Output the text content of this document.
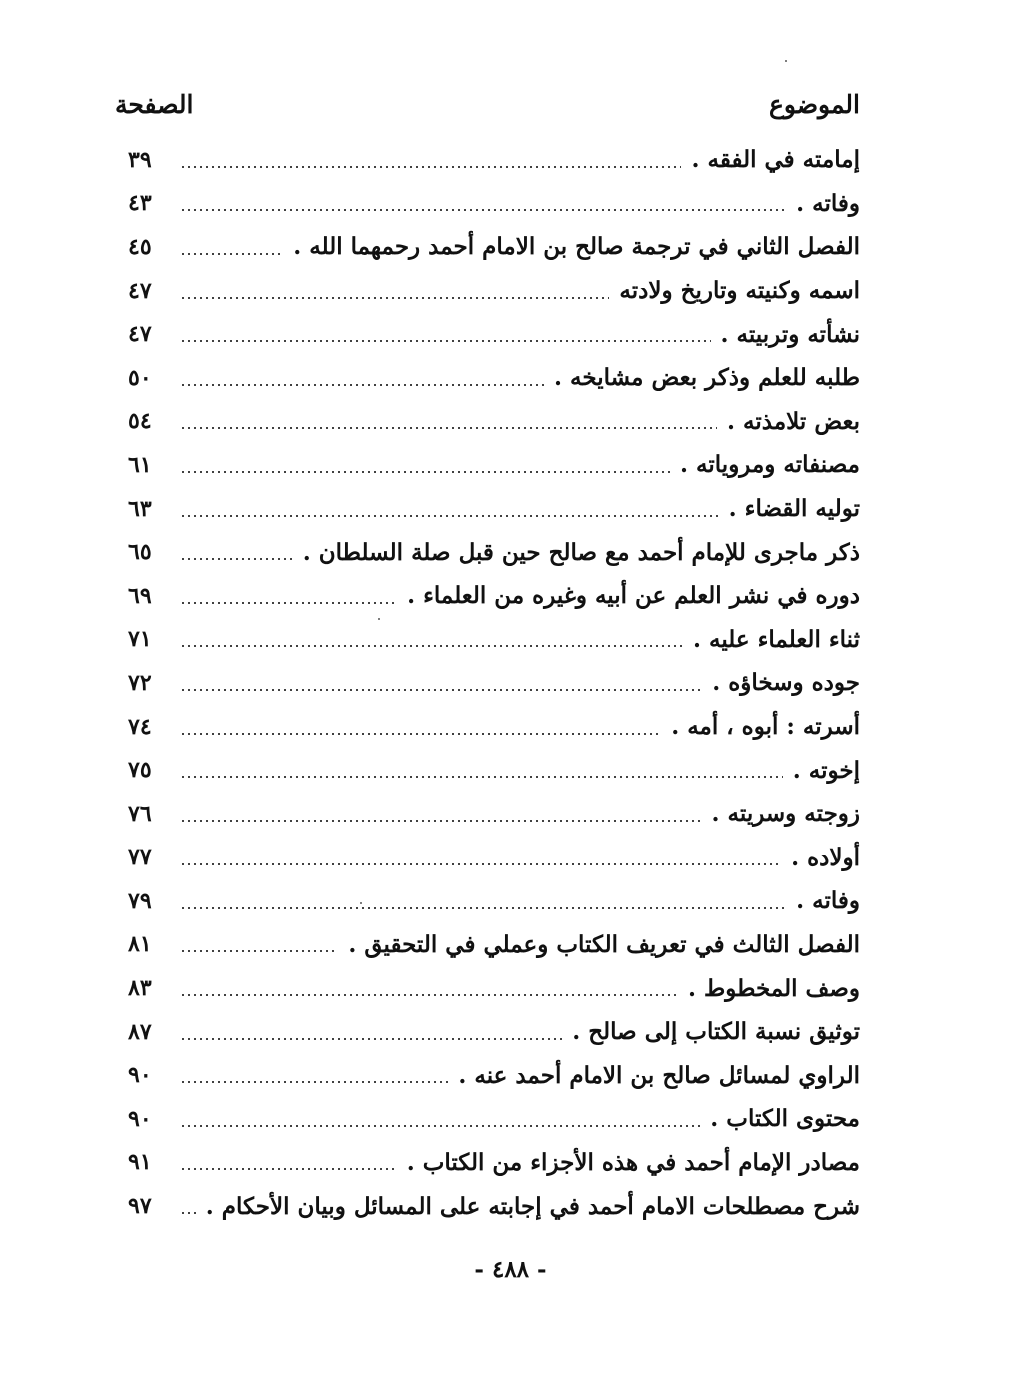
الموضوع
الصفحة
إمامته في الفقه .
٣٩
وفاته .
٤٣
الفصل الثاني في ترجمة صالح بن الامام أحمد رحمهما الله .
٤٥
اسمه وكنيته وتاريخ ولادته
٤٧
نشأته وتربيته .
٤٧
طلبه للعلم وذكر بعض مشايخه .
٥٠
بعض تلامذته .
٥٤
مصنفاته ومروياته .
٦١
توليه القضاء .
٦٣
ذكر ماجرى للإمام أحمد مع صالح حين قبل صلة السلطان .
٦٥
دوره في نشر العلم عن أبيه وغيره من العلماء .
٦٩
ثناء العلماء عليه .
٧١
جوده وسخاؤه .
٧٢
أسرته : أبوه ، أمه .
٧٤
إخوته .
٧٥
زوجته وسريته .
٧٦
أولاده .
٧٧
وفاته .
٧٩
الفصل الثالث في تعريف الكتاب وعملي في التحقيق .
٨١
وصف المخطوط .
٨٣
توثيق نسبة الكتاب إلى صالح .
٨٧
الراوي لمسائل صالح بن الامام أحمد عنه .
٩٠
محتوى الكتاب .
٩٠
مصادر الإمام أحمد في هذه الأجزاء من الكتاب .
٩١
شرح مصطلحات الامام أحمد في إجابته على المسائل وبيان الأحكام .
٩٧
- ٤٨٨ -
